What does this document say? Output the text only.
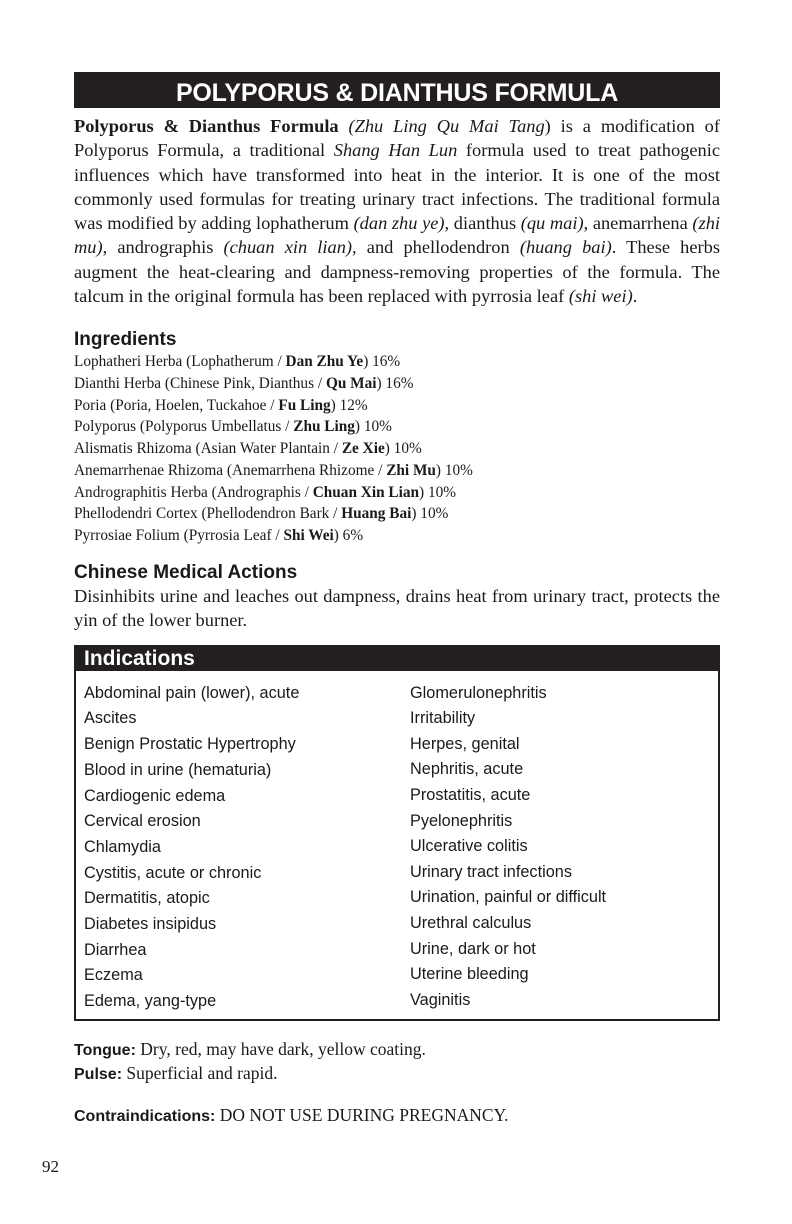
POLYPORUS & DIANTHUS FORMULA

Polyporus & Dianthus Formula (Zhu Ling Qu Mai Tang) is a modification of Polyporus Formula, a traditional Shang Han Lun formula used to treat pathogenic influences which have transformed into heat in the interior. It is one of the most commonly used formulas for treating urinary tract infections. The traditional formula was modified by adding lophatherum (dan zhu ye), dianthus (qu mai), anemarrhena (zhi mu), andrographis (chuan xin lian), and phellodendron (huang bai). These herbs augment the heat-clearing and dampness-removing properties of the formula. The talcum in the original formula has been replaced with pyrrosia leaf (shi wei).

Ingredients
Lophatheri Herba (Lophatherum / Dan Zhu Ye) 16%
Dianthi Herba (Chinese Pink, Dianthus / Qu Mai) 16%
Poria (Poria, Hoelen, Tuckahoe / Fu Ling) 12%
Polyporus (Polyporus Umbellatus / Zhu Ling) 10%
Alismatis Rhizoma (Asian Water Plantain / Ze Xie) 10%
Anemarrhenae Rhizoma (Anemarrhena Rhizome / Zhi Mu) 10%
Andrographitis Herba (Andrographis / Chuan Xin Lian) 10%
Phellodendri Cortex (Phellodendron Bark / Huang Bai) 10%
Pyrrosiae Folium (Pyrrosia Leaf / Shi Wei) 6%
Chinese Medical Actions
Disinhibits urine and leaches out dampness, drains heat from urinary tract, protects the yin of the lower burner.
Indications
Abdominal pain (lower), acute
Ascites
Benign Prostatic Hypertrophy
Blood in urine (hematuria)
Cardiogenic edema
Cervical erosion
Chlamydia
Cystitis, acute or chronic
Dermatitis, atopic
Diabetes insipidus
Diarrhea
Eczema
Edema, yang-type
Glomerulonephritis
Irritability
Herpes, genital
Nephritis, acute
Prostatitis, acute
Pyelonephritis
Ulcerative colitis
Urinary tract infections
Urination, painful or difficult
Urethral calculus
Urine, dark or hot
Uterine bleeding
Vaginitis
Tongue: Dry, red, may have dark, yellow coating.
Pulse: Superficial and rapid.
Contraindications: DO NOT USE DURING PREGNANCY.
92
